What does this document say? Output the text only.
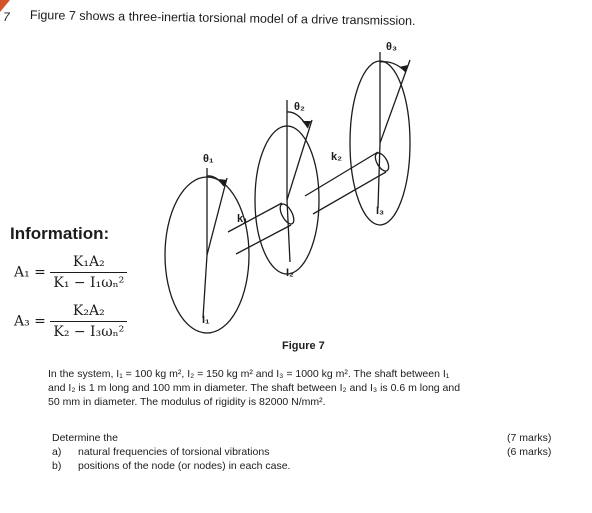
7 Figure 7 shows a three-inertia torsional model of a drive transmission.
θ₁
θ₂
θ₃
k₁
k₂
I₁
I₂
I₃
Information:
$A_1 = \frac{\text{K₁A₂}}{\text{K₁ − I₁ωₙ²}}$
$A_3 = \frac{\text{K₂A₂}}{\text{K₂ − I₃ωₙ²}}$
Figure 7
In the system, I₁ = 100 kg m², I₂ = 150 kg m² and I₃ = 1000 kg m². The shaft between I₁ and I₂ is 1 m long and 100 mm in diameter. The shaft between I₂ and I₃ is 0.6 m long and 50 mm in diameter. The modulus of rigidity is 82000 N/mm².
Determine the
a) natural frequencies of torsional vibrations
b) positions of the node (or nodes) in each case.
(7 marks)
(6 marks)
